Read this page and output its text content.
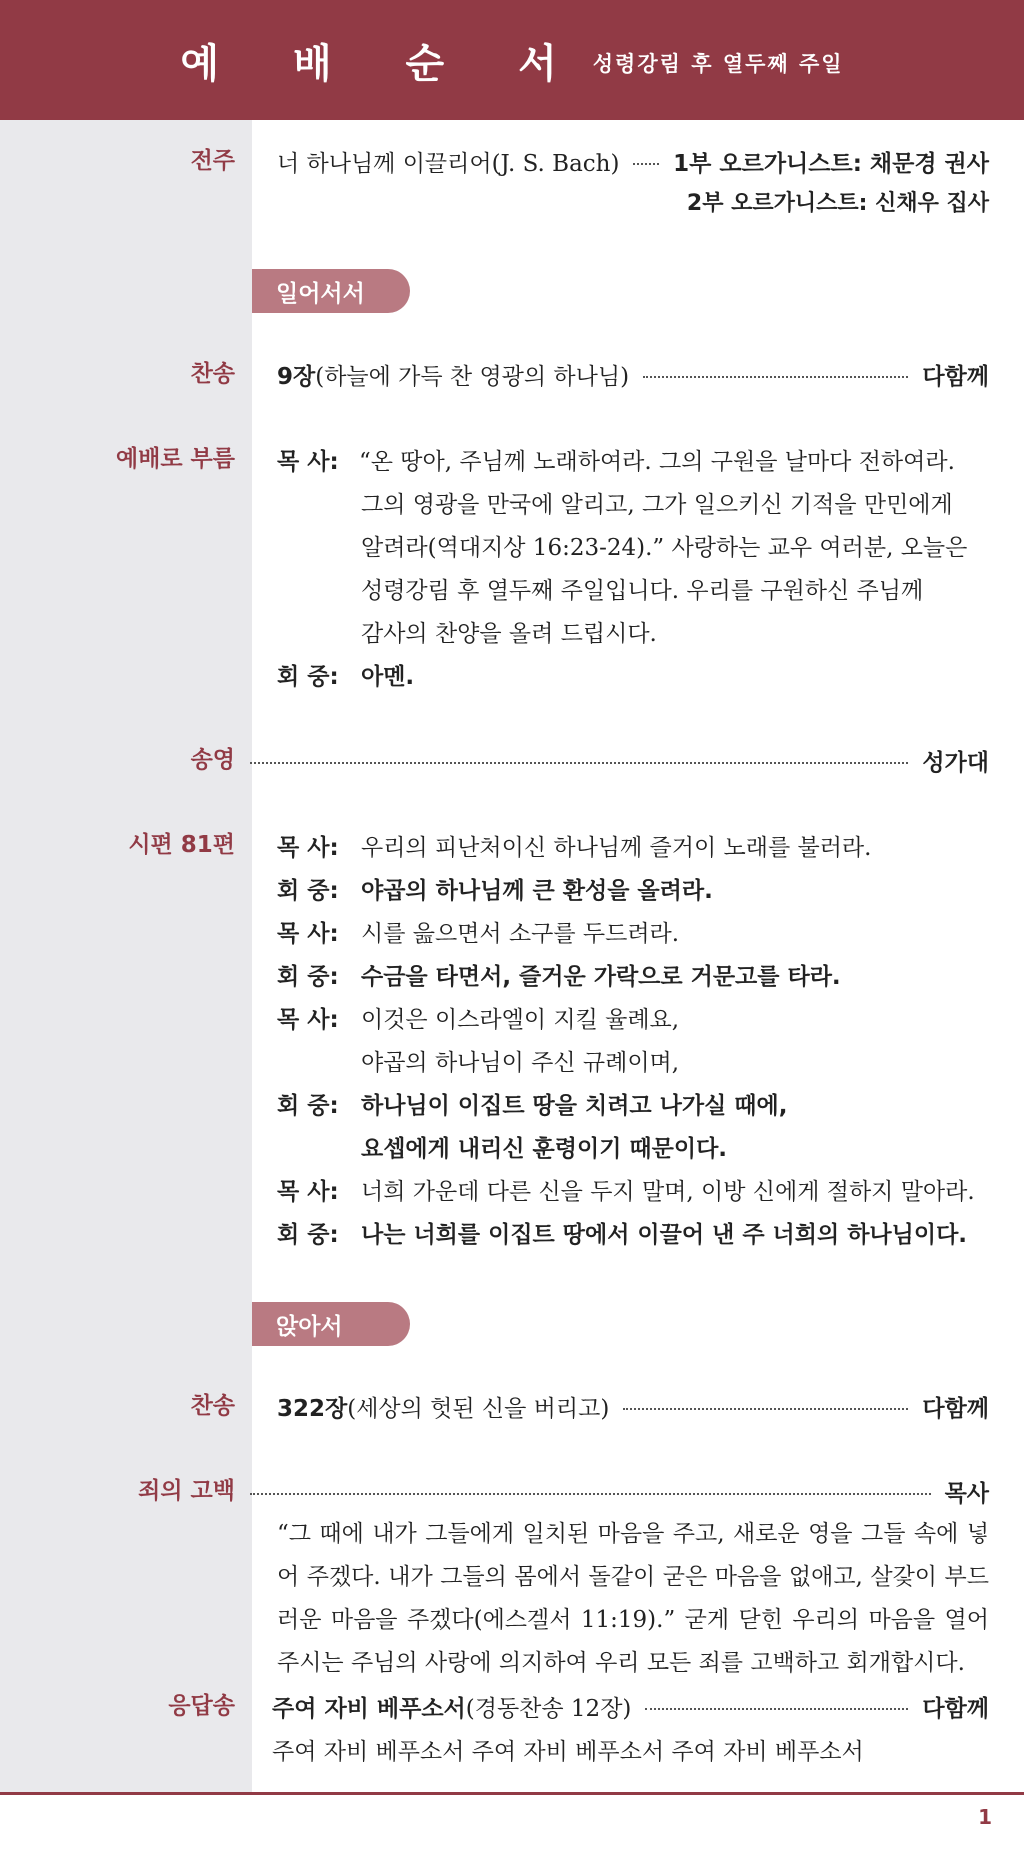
예 배 순 서 성령강림 후 열두째 주일
전주 너 하나님께 이끌리어(J. S. Bach) 1부 오르가니스트: 채문경 권사
2부 오르가니스트: 신채우 집사
일어서서
찬송 9장 (하늘에 가득 찬 영광의 하나님)	다함께
예배로 부름 목 사: “온 땅아, 주님께 노래하여라. 그의 구원을 날마다 전하여라.
그의 영광을 만국에 알리고, 그가 일으키신 기적을 만민에게
알려라(역대지상 16:23-24).” 사랑하는 교우 여러분, 오늘은
성령강림 후 열두째 주일입니다. 우리를 구원하신 주님께
감사의 찬양을 올려 드립시다.
회 중: 아멘.
송영	성가대
시편 81편 목 사: 우리의 피난처이신 하나님께 즐거이 노래를 불러라.
회 중: 야곱의 하나님께 큰 환성을 올려라.
목 사: 시를 읊으면서 소구를 두드려라.
회 중: 수금을 타면서, 즐거운 가락으로 거문고를 타라.
목 사: 이것은 이스라엘이 지킬 율례요,
야곱의 하나님이 주신 규례이며,
회 중: 하나님이 이집트 땅을 치려고 나가실 때에,
요셉에게 내리신 훈령이기 때문이다.
목 사: 너희 가운데 다른 신을 두지 말며, 이방 신에게 절하지 말아라.
회 중: 나는 너희를 이집트 땅에서 이끌어 낸 주 너희의 하나님이다.
앉아서
찬송 322장 (세상의 헛된 신을 버리고)	다함께
죄의 고백	목사
“그 때에 내가 그들에게 일치된 마음을 주고, 새로운 영을 그들 속에 넣어 주겠다. 내가 그들의 몸에서 돌같이 굳은 마음을 없애고, 살갗이 부드러운 마음을 주겠다(에스겔서 11:19).” 굳게 닫힌 우리의 마음을 열어 주시는 주님의 사랑에 의지하여 우리 모든 죄를 고백하고 회개합시다.
응답송 주여 자비 베푸소서 (경동찬송 12장)	다함께
주여 자비 베푸소서 주여 자비 베푸소서 주여 자비 베푸소서
1
